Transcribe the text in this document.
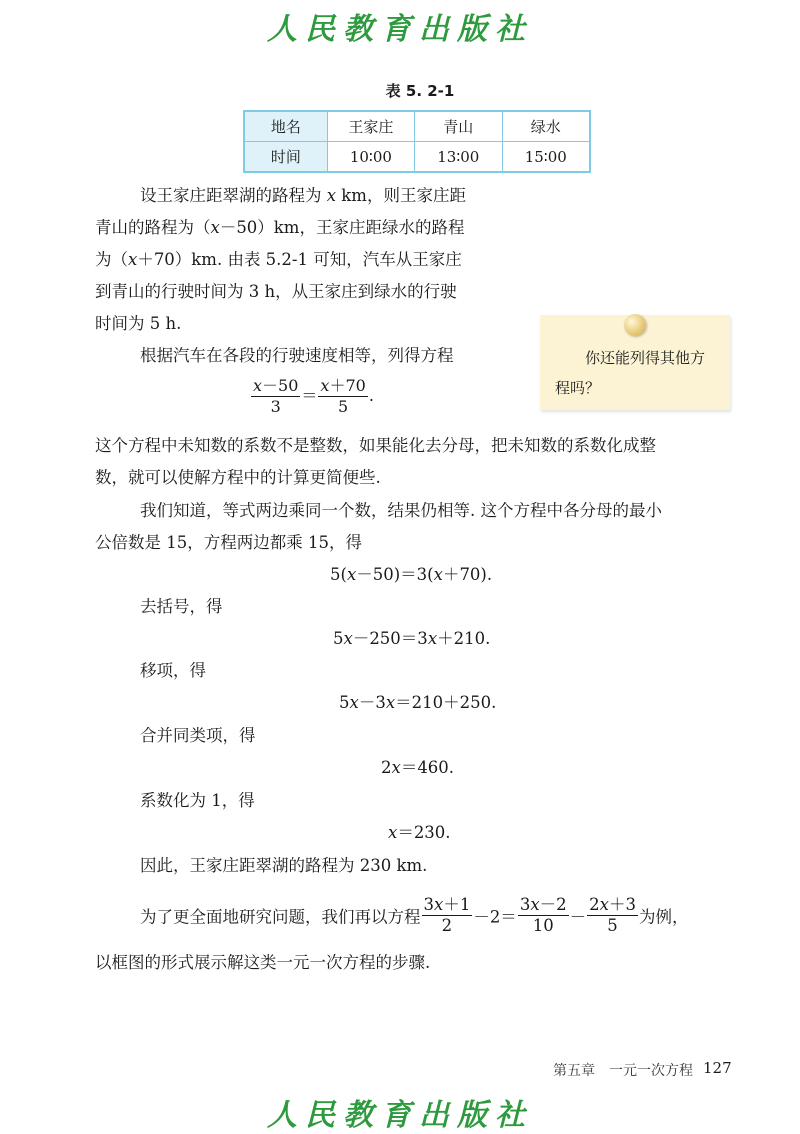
人民教育出版社
表 5. 2-1
地名	王家庄	青山	绿水
时间	10∶00	13∶00	15∶00
设王家庄距翠湖的路程为 x km，则王家庄距
青山的路程为（x－50）km，王家庄距绿水的路程
为（x＋70）km. 由表 5.2-1 可知，汽车从王家庄
到青山的行驶时间为 3 h，从王家庄到绿水的行驶
时间为 5 h.
你还能列得其他方
程吗？
根据汽车在各段的行驶速度相等，列得方程
$\frac{x-50}{3} = \frac{x+70}{5}$ .
这个方程中未知数的系数不是整数，如果能化去分母，把未知数的系数化成整
数，就可以使解方程中的计算更简便些.
我们知道，等式两边乘同一个数，结果仍相等. 这个方程中各分母的最小
公倍数是 15，方程两边都乘 15，得
5(x－50)＝3(x＋70).
去括号，得
5x－250＝3x＋210.
移项，得
5x－3x＝210＋250.
合并同类项，得
2x＝460.
系数化为 1，得
x＝230.
因此，王家庄距翠湖的路程为 230 km.
为了更全面地研究问题，我们再以方程 $\frac{3x+1}{2} -2= \frac{3x-2}{10} - \frac{2x+3}{5}$ 为例，
以框图的形式展示解这类一元一次方程的步骤.
第五章　一元一次方程 127
人民教育出版社
